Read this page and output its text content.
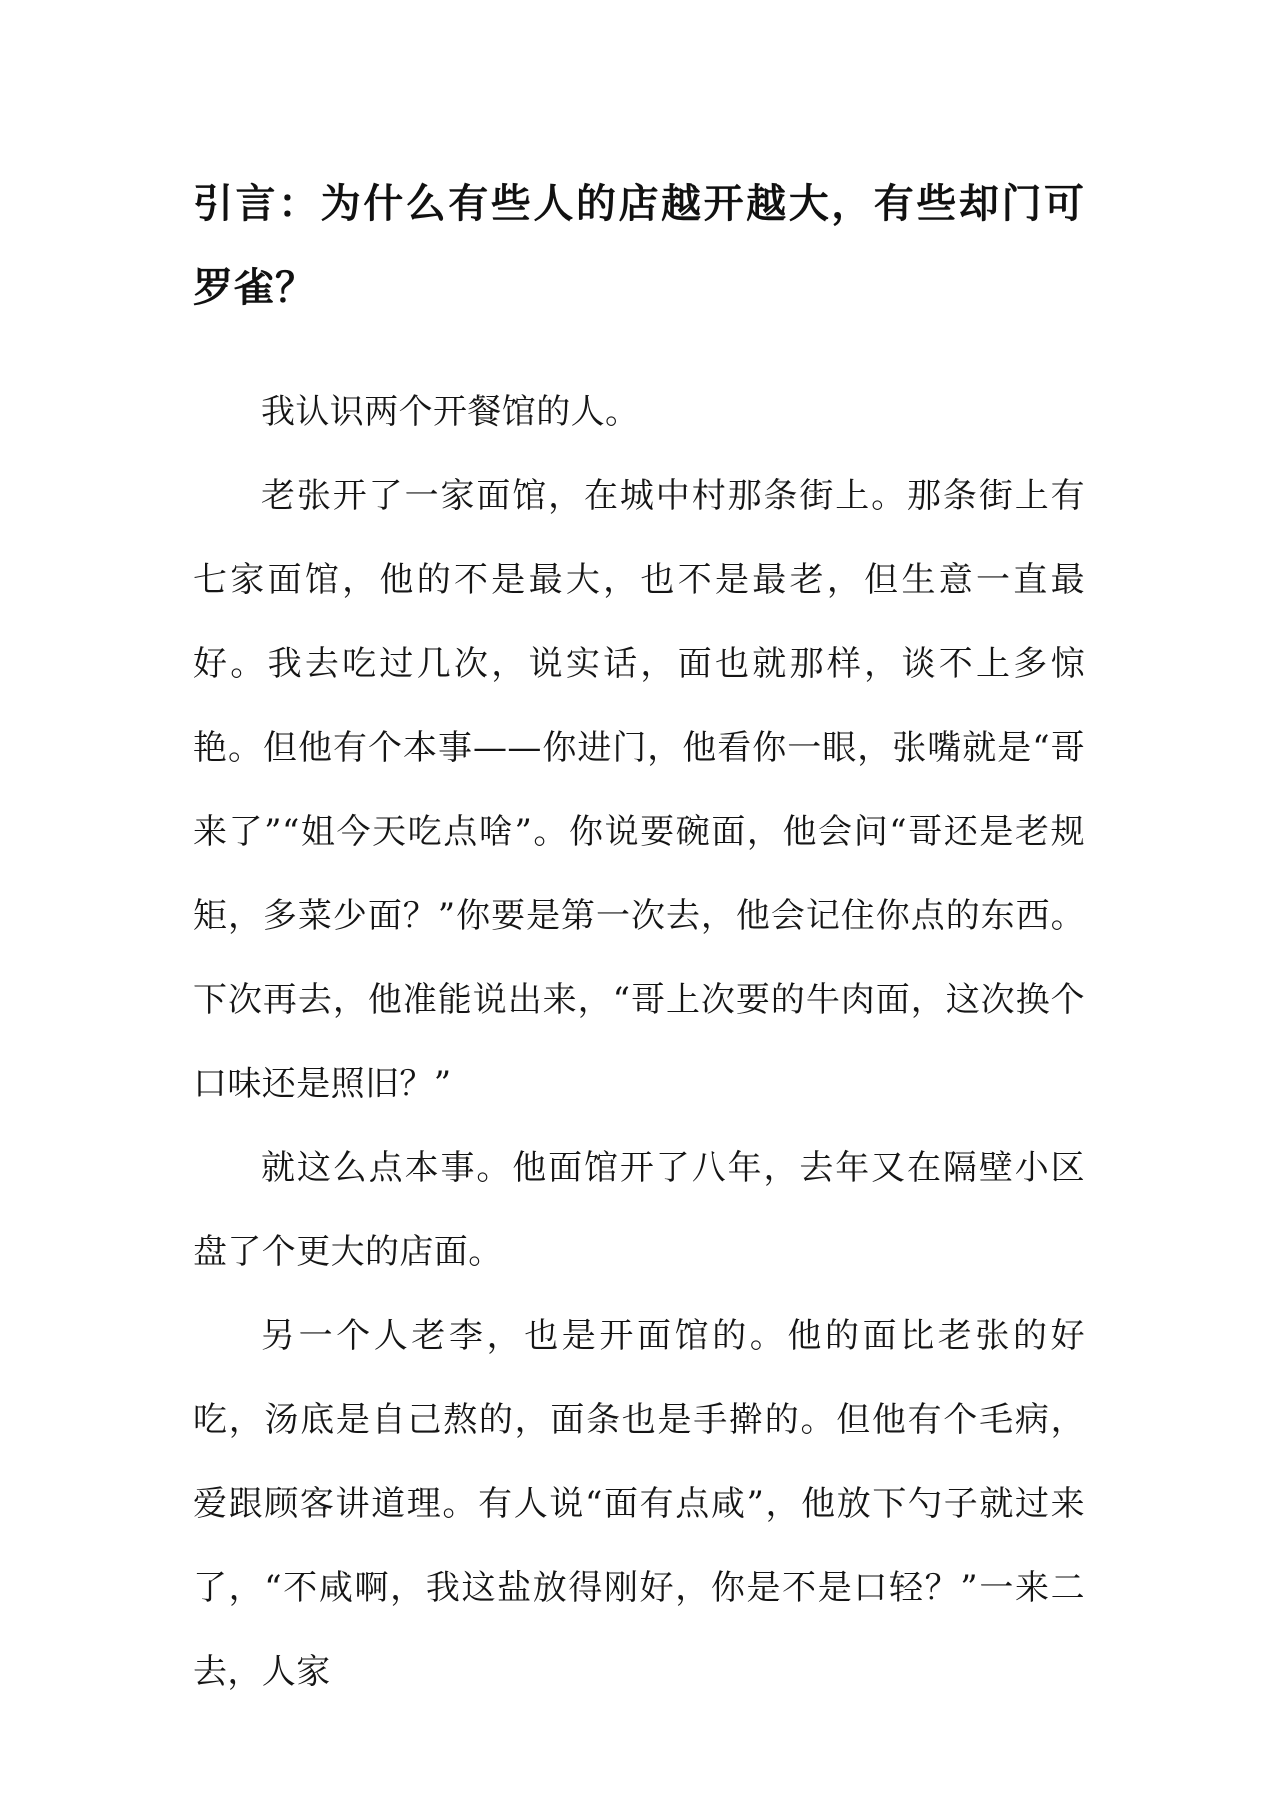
引言：为什么有些人的店越开越大，有些却门可罗雀？

我认识两个开餐馆的人。

老张开了一家面馆，在城中村那条街上。那条街上有七家面馆，他的不是最大，也不是最老，但生意一直最好。我去吃过几次，说实话，面也就那样，谈不上多惊艳。但他有个本事——你进门，他看你一眼，张嘴就是“哥来了”“姐今天吃点啥”。你说要碗面，他会问“哥还是老规矩，多菜少面？”你要是第一次去，他会记住你点的东西。下次再去，他准能说出来，“哥上次要的牛肉面，这次换个口味还是照旧？”

就这么点本事。他面馆开了八年，去年又在隔壁小区盘了个更大的店面。

另一个人老李，也是开面馆的。他的面比老张的好吃，汤底是自己熬的，面条也是手擀的。但他有个毛病，爱跟顾客讲道理。有人说“面有点咸”，他放下勺子就过来了，“不咸啊，我这盐放得刚好，你是不是口轻？”一来二去，人家
